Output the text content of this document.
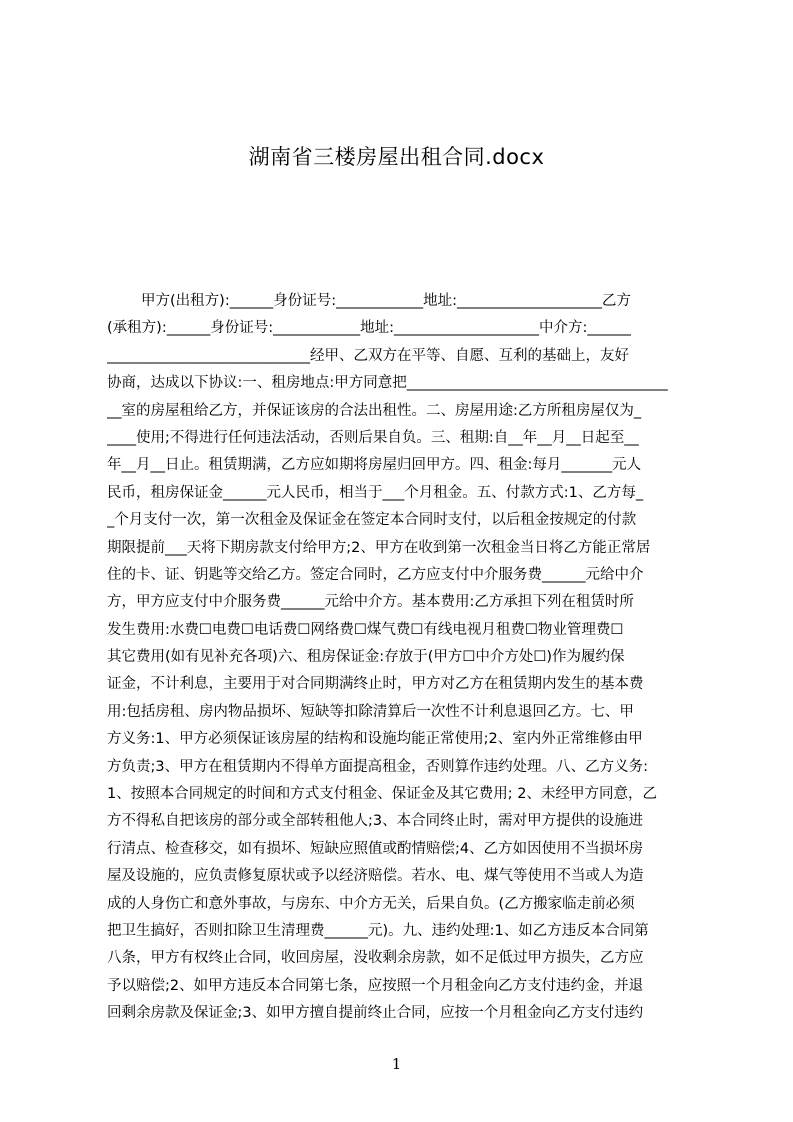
湖南省三楼房屋出租合同.docx
甲方(出租方):______身份证号:____________地址:____________________乙方
(承租方):______身份证号:____________地址:____________________中介方:______
____________________________经甲、乙双方在平等、自愿、互利的基础上，友好
协商，达成以下协议:一、租房地点:甲方同意把____________________________________
__室的房屋租给乙方，并保证该房的合法出租性。二、房屋用途:乙方所租房屋仅为_
____使用;不得进行任何违法活动，否则后果自负。三、租期:自__年__月__日起至__
年__月__日止。租赁期满，乙方应如期将房屋归回甲方。四、租金:每月_______元人
民币，租房保证金______元人民币，相当于___个月租金。五、付款方式:1、乙方每_
_个月支付一次，第一次租金及保证金在签定本合同时支付，以后租金按规定的付款
期限提前___天将下期房款支付给甲方;2、甲方在收到第一次租金当日将乙方能正常居
住的卡、证、钥匙等交给乙方。签定合同时，乙方应支付中介服务费______元给中介
方，甲方应支付中介服务费______元给中介方。基本费用:乙方承担下列在租赁时所
发生费用:水费☐电费☐电话费☐网络费☐煤气费☐有线电视月租费☐物业管理费☐
其它费用(如有见补充各项)六、租房保证金:存放于(甲方☐中介方处☐)作为履约保
证金，不计利息，主要用于对合同期满终止时，甲方对乙方在租赁期内发生的基本费
用:包括房租、房内物品损坏、短缺等扣除清算后一次性不计利息退回乙方。七、甲
方义务:1、甲方必须保证该房屋的结构和设施均能正常使用;2、室内外正常维修由甲
方负责;3、甲方在租赁期内不得单方面提高租金，否则算作违约处理。八、乙方义务:
1、按照本合同规定的时间和方式支付租金、保证金及其它费用; 2、未经甲方同意，乙
方不得私自把该房的部分或全部转租他人;3、本合同终止时，需对甲方提供的设施进
行清点、检查移交，如有损坏、短缺应照值或酌情赔偿;4、乙方如因使用不当损坏房
屋及设施的，应负责修复原状或予以经济赔偿。若水、电、煤气等使用不当或人为造
成的人身伤亡和意外事故，与房东、中介方无关，后果自负。(乙方搬家临走前必须
把卫生搞好，否则扣除卫生清理费______元)。九、违约处理:1、如乙方违反本合同第
八条，甲方有权终止合同，收回房屋，没收剩余房款，如不足低过甲方损失，乙方应
予以赔偿;2、如甲方违反本合同第七条，应按照一个月租金向乙方支付违约金，并退
回剩余房款及保证金;3、如甲方擅自提前终止合同，应按一个月租金向乙方支付违约
1
